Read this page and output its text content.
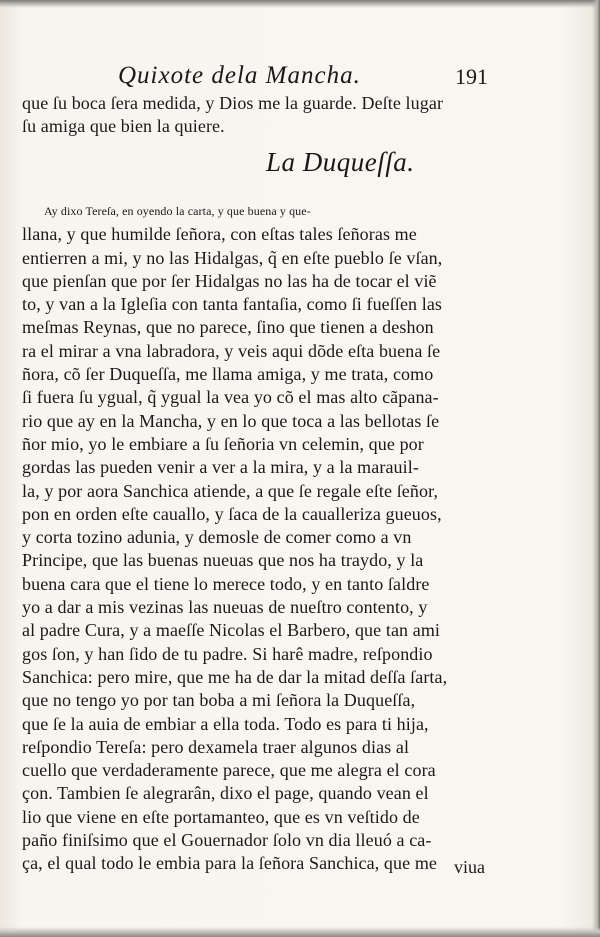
Quixote dela Mancha.	191
que ſu boca ſera medida, y Dios me la guarde. Deſte lugar
ſu amiga que bien la quiere.
La Duqueſſa.
Ay dixo Tereſa, en oyendo la carta, y que buena y que-
llana, y que humilde ſeñora, con eſtas tales ſeñoras me
entierren a mi, y no las Hidalgas, q̃ en eſte pueblo ſe vſan,
que pienſan que por ſer Hidalgas no las ha de tocar el viẽ
to, y van a la Igleſia con tanta fantaſia, como ſi fueſſen las
meſmas Reynas, que no parece, ſino que tienen a deshon
ra el mirar a vna labradora, y veis aqui dõde eſta buena ſe
ñora, cõ ſer Duqueſſa, me llama amiga, y me trata, como
ſi fuera ſu ygual, q̃ ygual la vea yo cõ el mas alto cãpana-
rio que ay en la Mancha, y en lo que toca a las bellotas ſe
ñor mio, yo le embiare a ſu ſeñoria vn celemin, que por
gordas las pueden venir a ver a la mira, y a la marauil-
la, y por aora Sanchica atiende, a que ſe regale eſte ſeñor,
pon en orden eſte cauallo, y ſaca de la caualleriza gueuos,
y corta tozino adunia, y demosle de comer como a vn
Principe, que las buenas nueuas que nos ha traydo, y la
buena cara que el tiene lo merece todo, y en tanto ſaldre
yo a dar a mis vezinas las nueuas de nueſtro contento, y
al padre Cura, y a maeſſe Nicolas el Barbero, que tan ami
gos ſon, y han ſido de tu padre. Si harê madre, reſpondio
Sanchica: pero mire, que me ha de dar la mitad deſſa ſarta,
que no tengo yo por tan boba a mi ſeñora la Duqueſſa,
que ſe la auia de embiar a ella toda. Todo es para ti hija,
reſpondio Tereſa: pero dexamela traer algunos dias al
cuello que verdaderamente parece, que me alegra el cora
çon. Tambien ſe alegrarân, dixo el page, quando vean el
lio que viene en eſte portamanteo, que es vn veſtido de
paño finiſsimo que el Gouernador ſolo vn dia lleuó a ca-
ça, el qual todo le embia para la ſeñora Sanchica, que me viua
